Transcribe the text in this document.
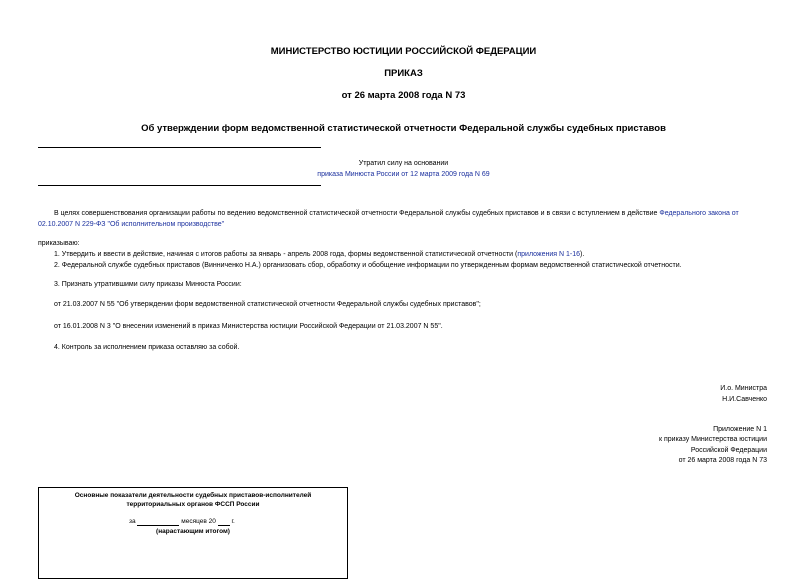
МИНИСТЕРСТВО ЮСТИЦИИ РОССИЙСКОЙ ФЕДЕРАЦИИ
ПРИКАЗ
от 26 марта 2008 года N 73
Об утверждении форм ведомственной статистической отчетности Федеральной службы судебных приставов
Утратил силу на основании
приказа Минюста России от 12 марта 2009 года N 69
В целях совершенствования организации работы по ведению ведомственной статистической отчетности Федеральной службы судебных приставов и в связи с вступлением в действие Федерального закона от 02.10.2007 N 229-ФЗ "Об исполнительном производстве"
приказываю:
1. Утвердить и ввести в действие, начиная с итогов работы за январь - апрель 2008 года, формы ведомственной статистической отчетности (приложения N 1-16).
2. Федеральной службе судебных приставов (Винниченко Н.А.) организовать сбор, обработку и обобщение информации по утвержденным формам ведомственной статистической отчетности.
3. Признать утратившими силу приказы Минюста России:
от 21.03.2007 N 55 "Об утверждении форм ведомственной статистической отчетности Федеральной службы судебных приставов";
от 16.01.2008 N 3 "О внесении изменений в приказ Министерства юстиции Российской Федерации от 21.03.2007 N 55".
4. Контроль за исполнением приказа оставляю за собой.
И.о. Министра
Н.И.Савченко
Приложение N 1
к приказу Министерства юстиции
Российской Федерации
от 26 марта 2008 года N 73
Основные показатели деятельности судебных приставов-исполнителей
территориальных органов ФССП России
за	месяцев 20 г.
(нарастающим итогом)
